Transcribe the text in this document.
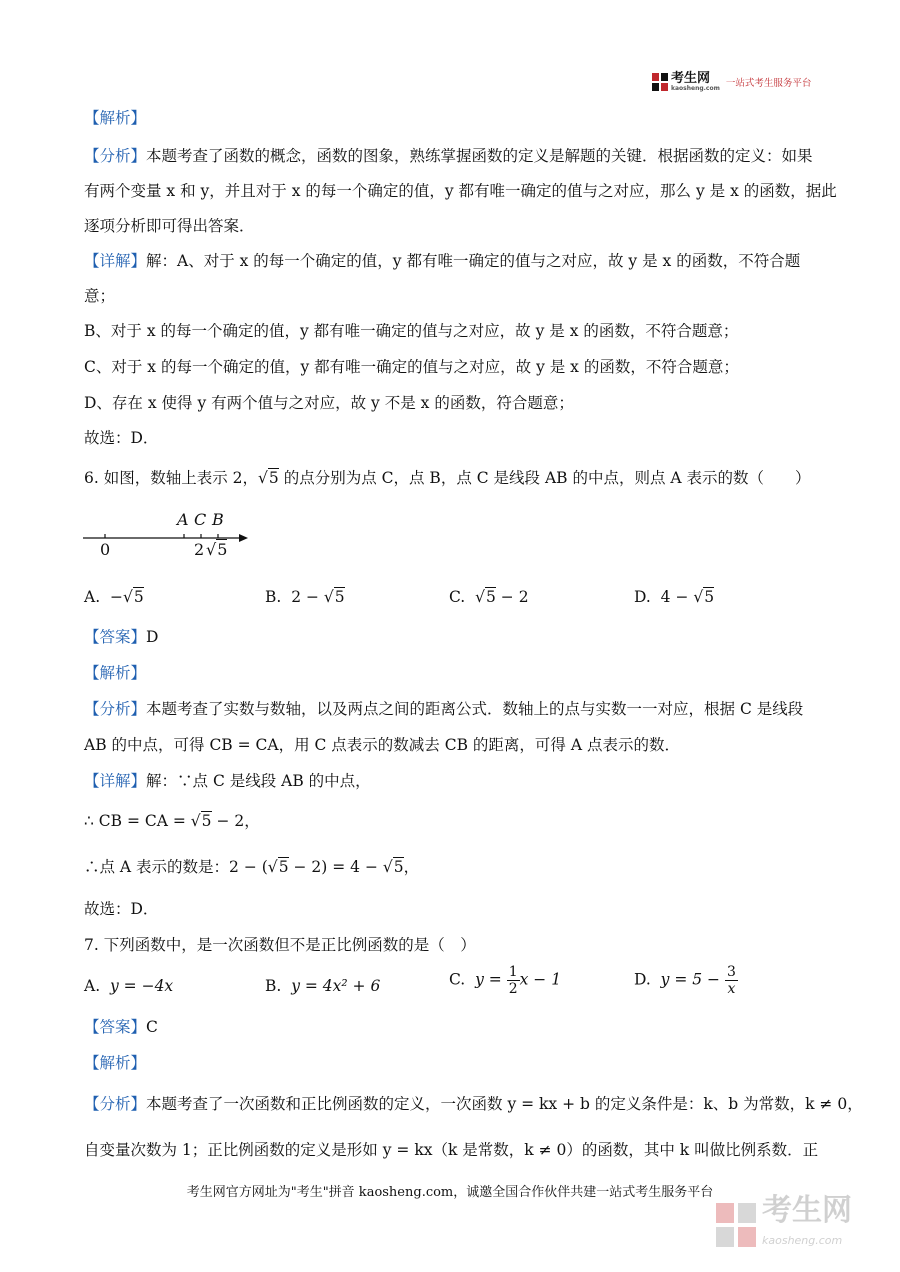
考生网
kaosheng.com 一站式考生服务平台
【解析】
【分析】本题考查了函数的概念，函数的图象，熟练掌握函数的定义是解题的关键．根据函数的定义：如果
有两个变量 x 和 y，并且对于 x 的每一个确定的值，y 都有唯一确定的值与之对应，那么 y 是 x 的函数，据此
逐项分析即可得出答案．
【详解】解：A、对于 x 的每一个确定的值，y 都有唯一确定的值与之对应，故 y 是 x 的函数，不符合题
意；
B、对于 x 的每一个确定的值，y 都有唯一确定的值与之对应，故 y 是 x 的函数，不符合题意；
C、对于 x 的每一个确定的值，y 都有唯一确定的值与之对应，故 y 是 x 的函数，不符合题意；
D、存在 x 使得 y 有两个值与之对应，故 y 不是 x 的函数，符合题意；
故选：D．
6. 如图，数轴上表示 2，√5 的点分别为点 C，点 B，点 C 是线段 AB 的中点，则点 A 表示的数（　　）
A C B
0	2 √5
A. −√5	B. 2 − √5	C. √5 − 2	D. 4 − √5
【答案】D
【解析】
【分析】本题考查了实数与数轴，以及两点之间的距离公式．数轴上的点与实数一一对应，根据 C 是线段
AB 的中点，可得 CB = CA，用 C 点表示的数减去 CB 的距离，可得 A 点表示的数．
【详解】解：∵点 C 是线段 AB 的中点，
∴ CB = CA = √5 − 2，
∴点 A 表示的数是：2 − (√5 − 2) = 4 − √5，
故选：D．
7. 下列函数中，是一次函数但不是正比例函数的是（　）
A. y = −4x	B. y = 4x² + 6	C. $y = \frac{1}{2}$ x − 1	D. $y = 5 - \frac{3}{x}$
【答案】C
【解析】
【分析】本题考查了一次函数和正比例函数的定义，一次函数 y = kx + b 的定义条件是：k、b 为常数，k ≠ 0，
自变量次数为 1；正比例函数的定义是形如 y = kx（k 是常数，k ≠ 0）的函数，其中 k 叫做比例系数．正
考生网官方网址为"考生"拼音 kaosheng.com，诚邀全国合作伙伴共建一站式考生服务平台
考生网
kaosheng.com
